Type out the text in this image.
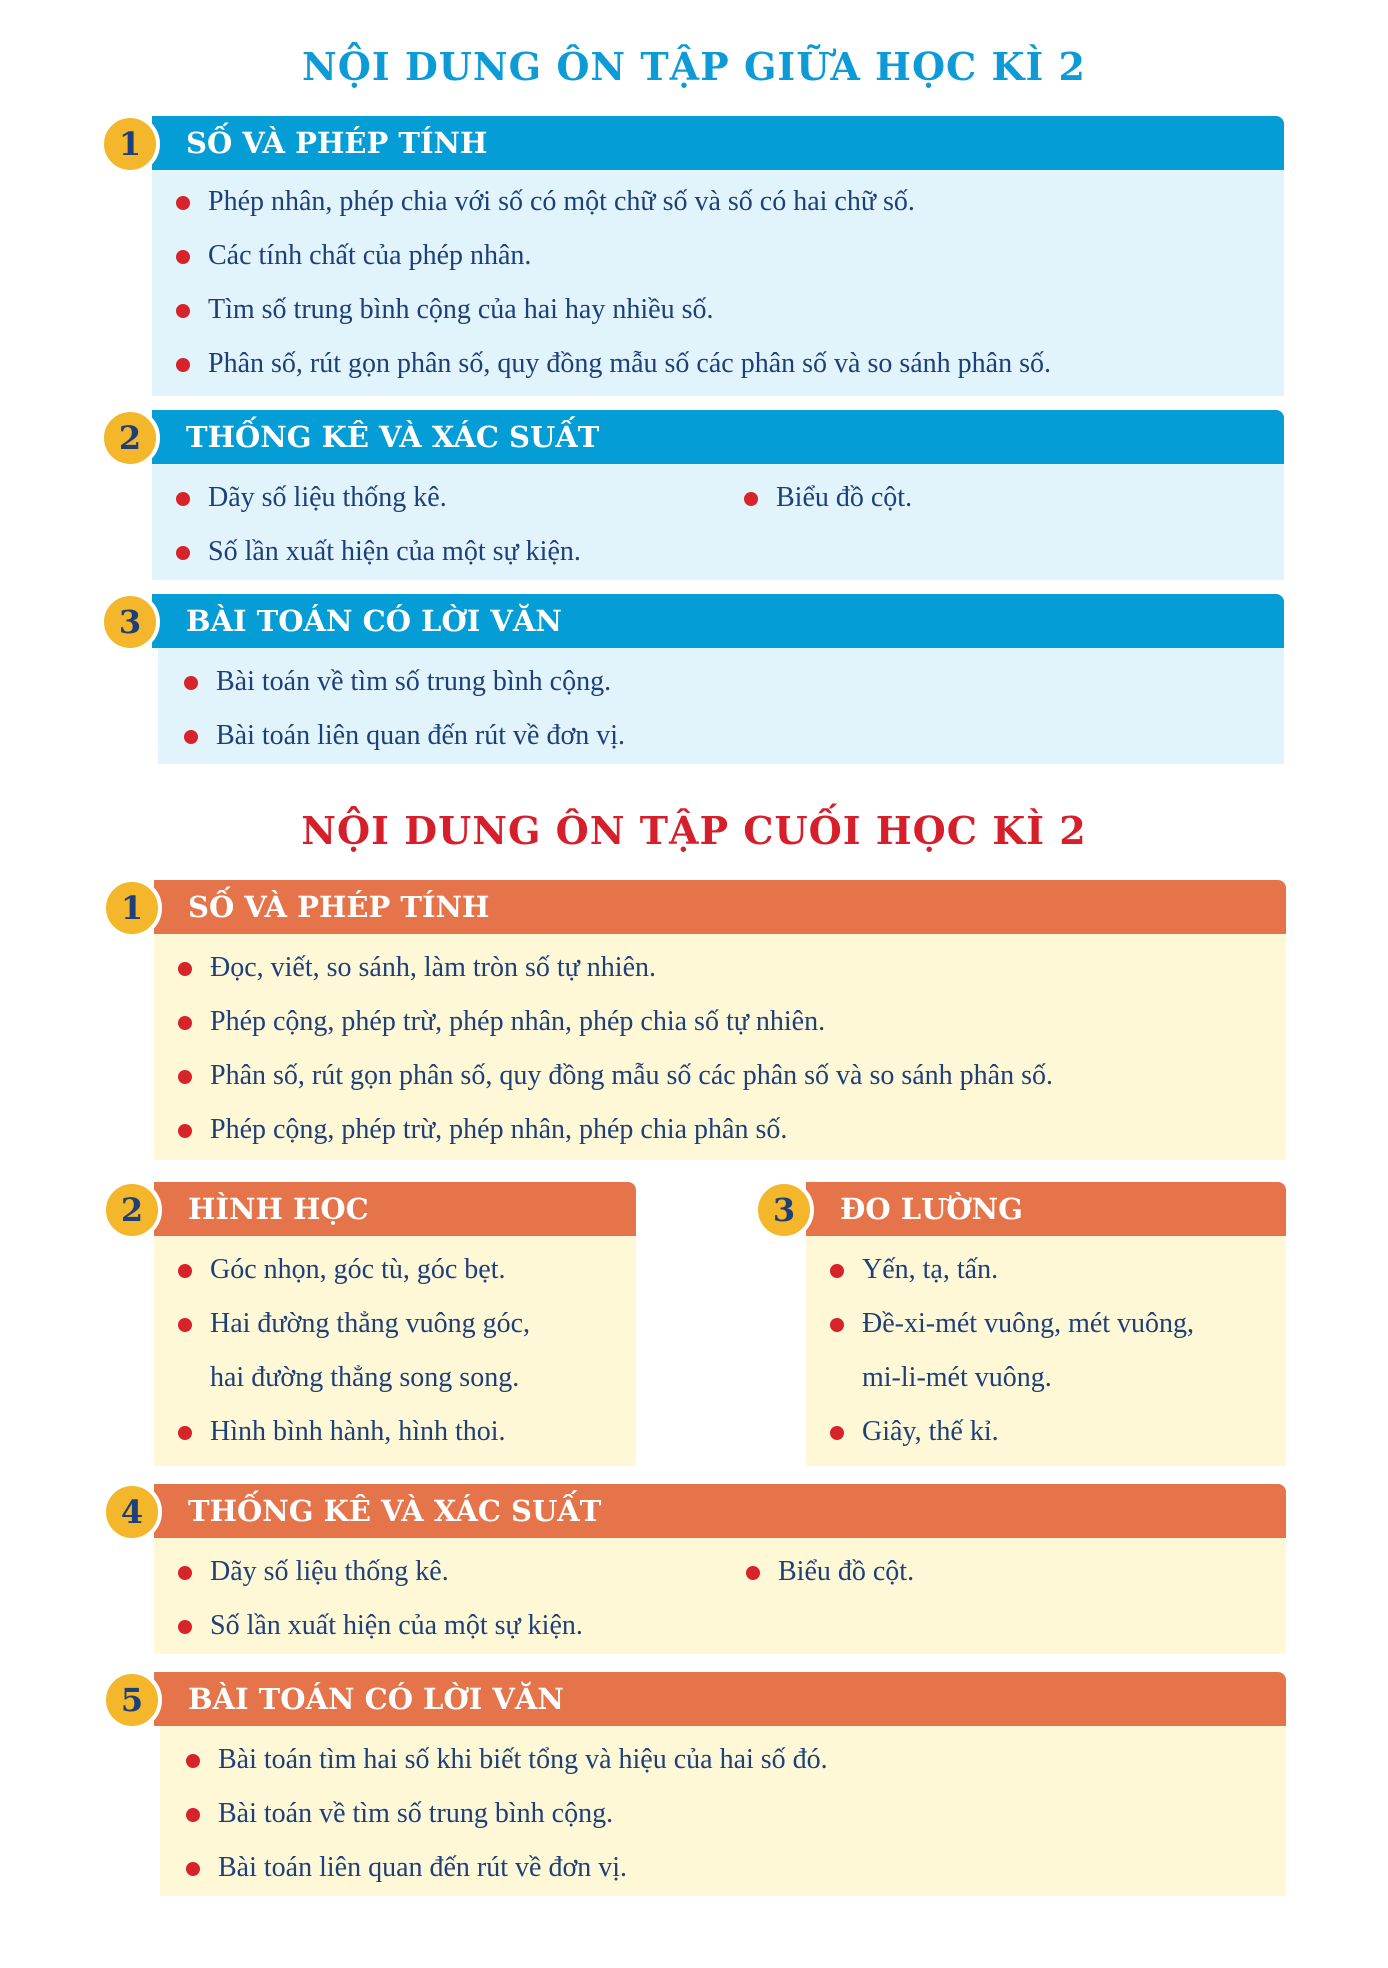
NỘI DUNG ÔN TẬP GIỮA HỌC KÌ 2
SỐ VÀ PHÉP TÍNH
1
Phép nhân, phép chia với số có một chữ số và số có hai chữ số.
Các tính chất của phép nhân.
Tìm số trung bình cộng của hai hay nhiều số.
Phân số, rút gọn phân số, quy đồng mẫu số các phân số và so sánh phân số.
THỐNG KÊ VÀ XÁC SUẤT
2
Dãy số liệu thống kê.	Biểu đồ cột.
Số lần xuất hiện của một sự kiện.
BÀI TOÁN CÓ LỜI VĂN
3
Bài toán về tìm số trung bình cộng.
Bài toán liên quan đến rút về đơn vị.
NỘI DUNG ÔN TẬP CUỐI HỌC KÌ 2
SỐ VÀ PHÉP TÍNH
1
Đọc, viết, so sánh, làm tròn số tự nhiên.
Phép cộng, phép trừ, phép nhân, phép chia số tự nhiên.
Phân số, rút gọn phân số, quy đồng mẫu số các phân số và so sánh phân số.
Phép cộng, phép trừ, phép nhân, phép chia phân số.
HÌNH HỌC
2
Góc nhọn, góc tù, góc bẹt.
Hai đường thẳng vuông góc,
hai đường thẳng song song.
Hình bình hành, hình thoi.
ĐO LƯỜNG
3
Yến, tạ, tấn.
Đề-xi-mét vuông, mét vuông,
mi-li-mét vuông.
Giây, thế kỉ.
THỐNG KÊ VÀ XÁC SUẤT
4
Dãy số liệu thống kê.	Biểu đồ cột.
Số lần xuất hiện của một sự kiện.
BÀI TOÁN CÓ LỜI VĂN
5
Bài toán tìm hai số khi biết tổng và hiệu của hai số đó.
Bài toán về tìm số trung bình cộng.
Bài toán liên quan đến rút về đơn vị.
